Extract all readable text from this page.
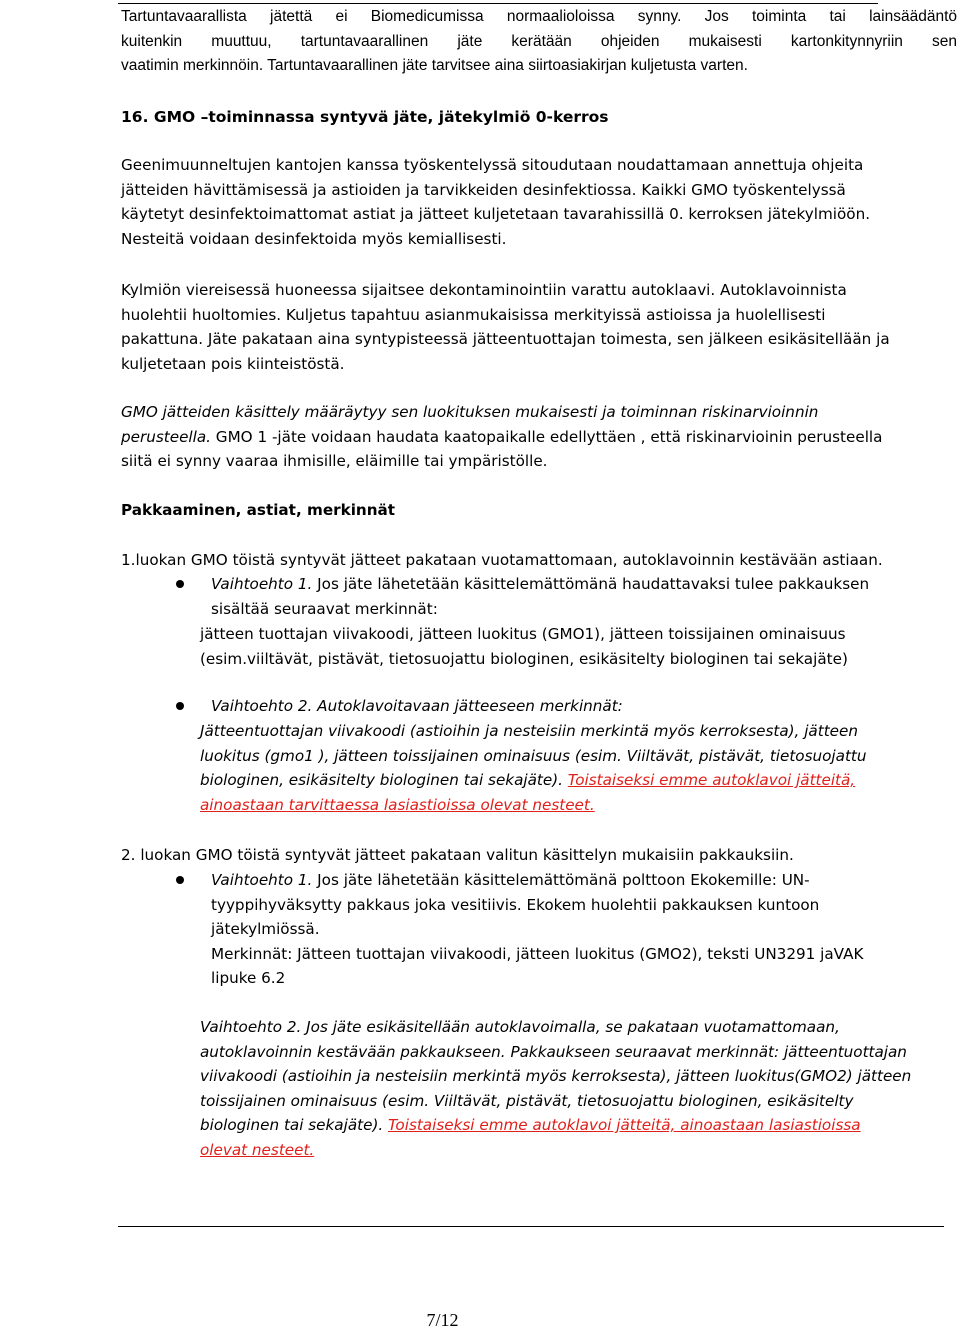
Tartuntavaarallista jätettä ei Biomedicumissa normaalioloissa synny. Jos toiminta tai lainsäädäntö
kuitenkin muuttuu, tartuntavaarallinen jäte kerätään ohjeiden mukaisesti kartonkitynnyriin sen
vaatimin merkinnöin. Tartuntavaarallinen jäte tarvitsee aina siirtoasiakirjan kuljetusta varten.
16. GMO –toiminnassa syntyvä jäte, jätekylmiö 0-kerros
Geenimuunneltujen kantojen kanssa työskentelyssä sitoudutaan noudattamaan annettuja ohjeita
jätteiden hävittämisessä ja astioiden ja tarvikkeiden desinfektiossa. Kaikki GMO työskentelyssä
käytetyt desinfektoimattomat astiat ja jätteet kuljetetaan tavarahissillä 0. kerroksen jätekylmiöön.
Nesteitä voidaan desinfektoida myös kemiallisesti.
Kylmiön viereisessä huoneessa sijaitsee dekontaminointiin varattu autoklaavi. Autoklavoinnista
huolehtii huoltomies. Kuljetus tapahtuu asianmukaisissa merkityissä astioissa ja huolellisesti
pakattuna. Jäte pakataan aina syntypisteessä jätteentuottajan toimesta, sen jälkeen esikäsitellään ja
kuljetetaan pois kiinteistöstä.
GMO jätteiden käsittely määräytyy sen luokituksen mukaisesti ja toiminnan riskinarvioinnin
perusteella. GMO 1 -jäte voidaan haudata kaatopaikalle edellyttäen , että riskinarvioinin perusteella
siitä ei synny vaaraa ihmisille, eläimille tai ympäristölle.
Pakkaaminen, astiat, merkinnät
1.luokan GMO töistä syntyvät jätteet pakataan vuotamattomaan, autoklavoinnin kestävään astiaan.
Vaihtoehto 1. Jos jäte lähetetään käsittelemättömänä haudattavaksi tulee pakkauksen
sisältää seuraavat merkinnät:
jätteen tuottajan viivakoodi, jätteen luokitus (GMO1), jätteen toissijainen ominaisuus
(esim.viiltävät, pistävät, tietosuojattu biologinen, esikäsitelty biologinen tai sekajäte)
Vaihtoehto 2. Autoklavoitavaan jätteeseen merkinnät:
Jätteentuottajan viivakoodi (astioihin ja nesteisiin merkintä myös kerroksesta), jätteen
luokitus (gmo1 ), jätteen toissijainen ominaisuus (esim. Viiltävät, pistävät, tietosuojattu
biologinen, esikäsitelty biologinen tai sekajäte). Toistaiseksi emme autoklavoi jätteitä,
ainoastaan tarvittaessa lasiastioissa olevat nesteet.
2. luokan GMO töistä syntyvät jätteet pakataan valitun käsittelyn mukaisiin pakkauksiin.
Vaihtoehto 1. Jos jäte lähetetään käsittelemättömänä polttoon Ekokemille: UN-
tyyppihyväksytty pakkaus joka vesitiivis. Ekokem huolehtii pakkauksen kuntoon
jätekylmiössä.
Merkinnät: Jätteen tuottajan viivakoodi, jätteen luokitus (GMO2), teksti UN3291 jaVAK
lipuke 6.2
Vaihtoehto 2. Jos jäte esikäsitellään autoklavoimalla, se pakataan vuotamattomaan,
autoklavoinnin kestävään pakkaukseen. Pakkaukseen seuraavat merkinnät: jätteentuottajan
viivakoodi (astioihin ja nesteisiin merkintä myös kerroksesta), jätteen luokitus(GMO2) jätteen
toissijainen ominaisuus (esim. Viiltävät, pistävät, tietosuojattu biologinen, esikäsitelty
biologinen tai sekajäte). Toistaiseksi emme autoklavoi jätteitä, ainoastaan lasiastioissa
olevat nesteet.
7/12
